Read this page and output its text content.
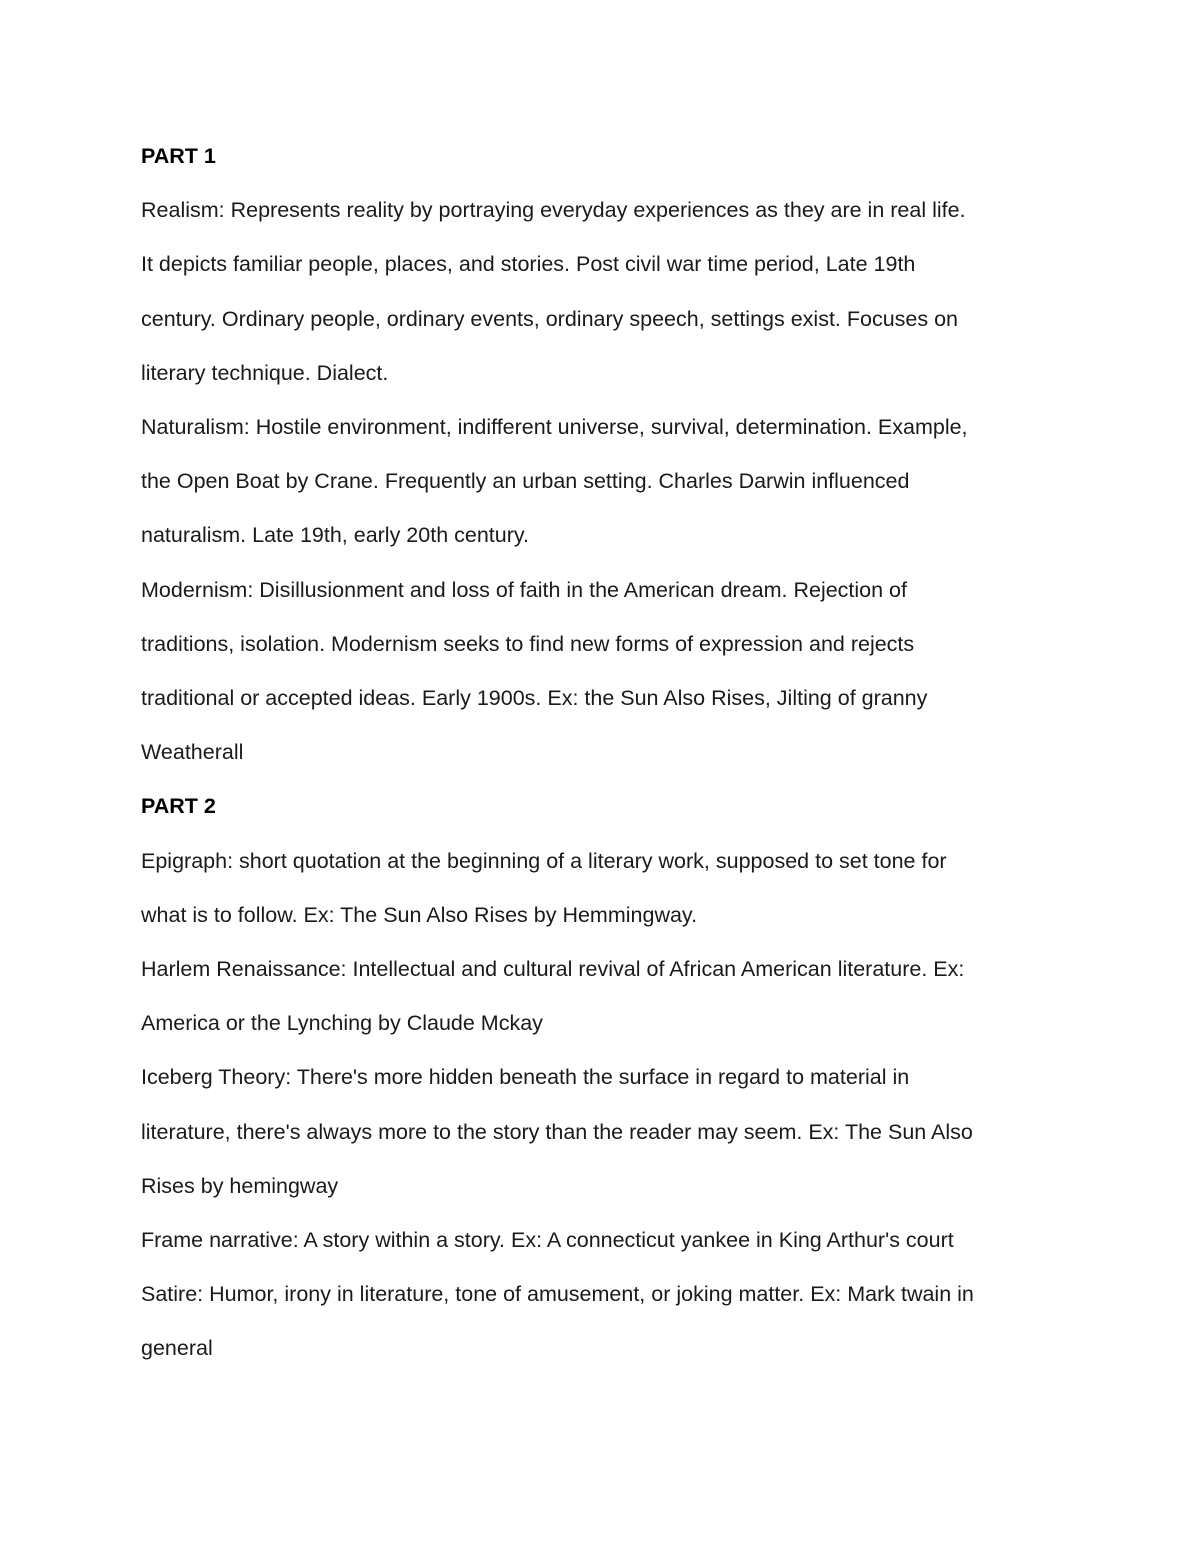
PART 1

Realism: Represents reality by portraying everyday experiences as they are in real life.
It depicts familiar people, places, and stories. Post civil war time period, Late 19th
century. Ordinary people, ordinary events, ordinary speech, settings exist. Focuses on
literary technique. Dialect.

Naturalism: Hostile environment, indifferent universe, survival, determination. Example,
the Open Boat by Crane. Frequently an urban setting. Charles Darwin influenced
naturalism. Late 19th, early 20th century.

Modernism: Disillusionment and loss of faith in the American dream. Rejection of
traditions, isolation. Modernism seeks to find new forms of expression and rejects
traditional or accepted ideas. Early 1900s. Ex: the Sun Also Rises, Jilting of granny
Weatherall

PART 2

Epigraph: short quotation at the beginning of a literary work, supposed to set tone for
what is to follow. Ex: The Sun Also Rises by Hemmingway.

Harlem Renaissance: Intellectual and cultural revival of African American literature. Ex:
America or the Lynching by Claude Mckay

Iceberg Theory: There's more hidden beneath the surface in regard to material in
literature, there's always more to the story than the reader may seem. Ex: The Sun Also
Rises by hemingway

Frame narrative: A story within a story. Ex: A connecticut yankee in King Arthur's court

Satire: Humor, irony in literature, tone of amusement, or joking matter. Ex: Mark twain in
general
